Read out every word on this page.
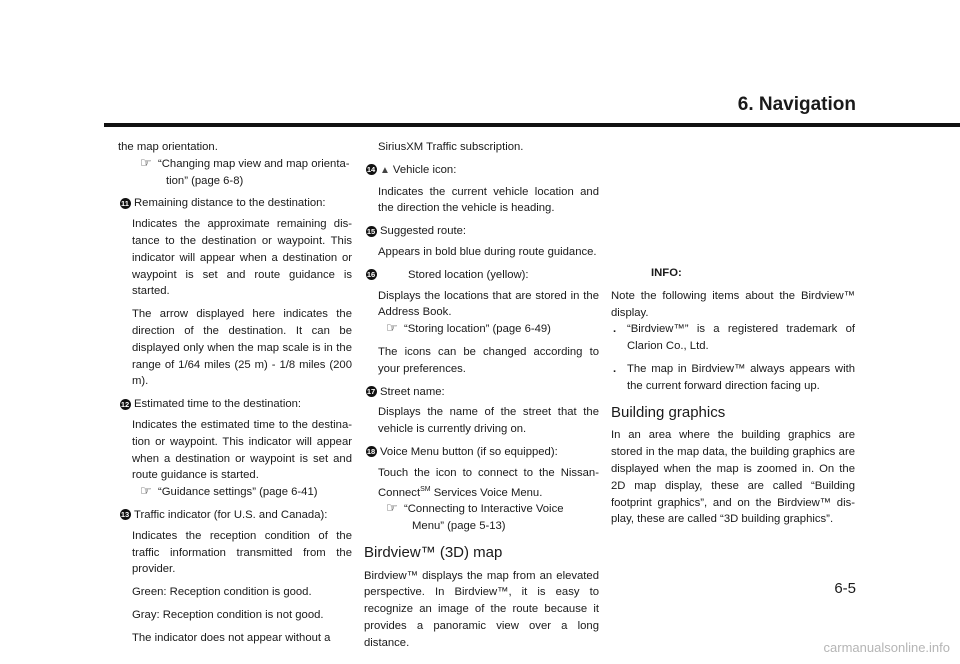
6. Navigation

the map orientation.

☞ “Changing map view and map orienta-
tion” (page 6-8)
11 Remaining distance to the destination:

Indicates the approximate remaining distance to the destination or waypoint. This indicator will appear when a destination or waypoint is set and route guidance is started.

The arrow displayed here indicates the direction of the destination. It can be displayed only when the map scale is in the range of 1/64 miles (25 m) - 1/8 miles (200 m).

12 Estimated time to the destination:

Indicates the estimated time to the destination or waypoint. This indicator will appear when a destination or waypoint is set and route guidance is started.

☞ “Guidance settings” (page 6-41)
13 Traffic indicator (for U.S. and Canada):

Indicates the reception condition of the traffic information transmitted from the provider.

Green: Reception condition is good.

Gray: Reception condition is not good.

The indicator does not appear without a

SiriusXM Traffic subscription.

14 ▲ Vehicle icon:

Indicates the current vehicle location and the direction the vehicle is heading.

15 Suggested route:

Appears in bold blue during route guidance.

16	Stored location (yellow):

Displays the locations that are stored in the Address Book.

☞ “Storing location” (page 6-49)

The icons can be changed according to your preferences.

17 Street name:

Displays the name of the street that the vehicle is currently driving on.

18 Voice Menu button (if so equipped):

Touch the icon to connect to the NissanConnect℠ Services Voice Menu.

☞ “Connecting to Interactive Voice
Menu” (page 5-13)
Birdview™ (3D) map

Birdview™ displays the map from an elevated perspective. In Birdview™, it is easy to recognize an image of the route because it provides a panoramic view over a long distance.

INFO:

Note the following items about the Birdview™ display.

. “Birdview™” is a registered trademark of Clarion Co., Ltd.
. The map in Birdview™ always appears with the current forward direction facing up.
Building graphics

In an area where the building graphics are stored in the map data, the building graphics are displayed when the map is zoomed in. On the 2D map display, these are called “Building footprint graphics”, and on the Birdview™ display, these are called “3D building graphics”.

6-5

carmanualsonline.info
